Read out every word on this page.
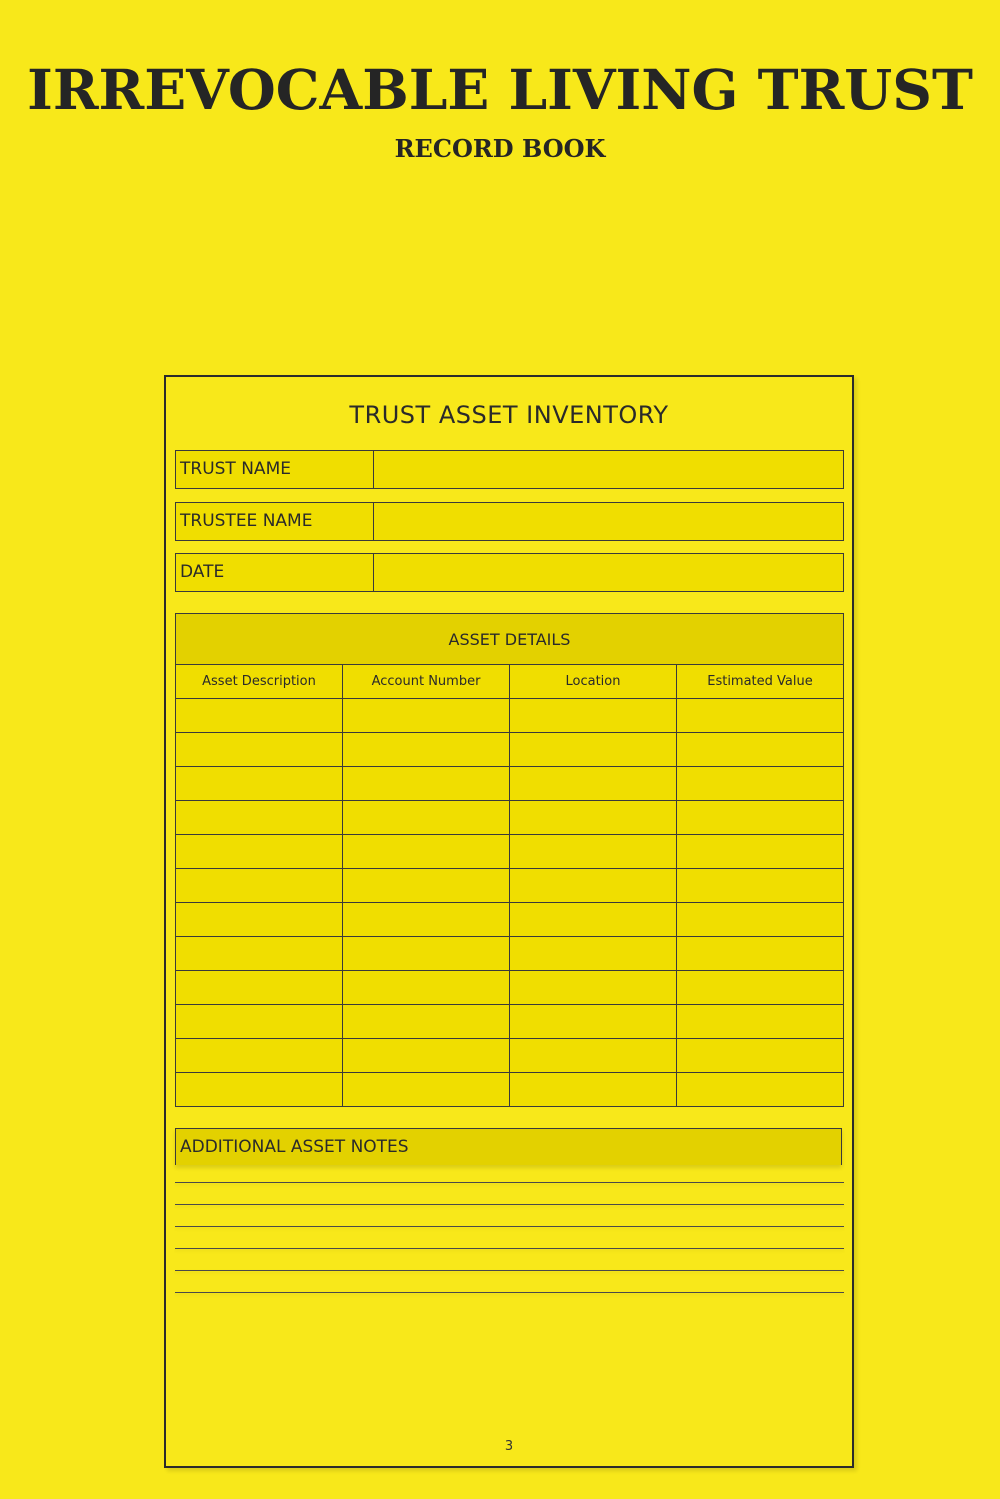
IRREVOCABLE LIVING TRUST
RECORD BOOK
TRUST ASSET INVENTORY
TRUST NAME
TRUSTEE NAME
DATE
ASSET DETAILS			
Asset Description	Account Number	Location	Estimated Value

ADDITIONAL ASSET NOTES
3
